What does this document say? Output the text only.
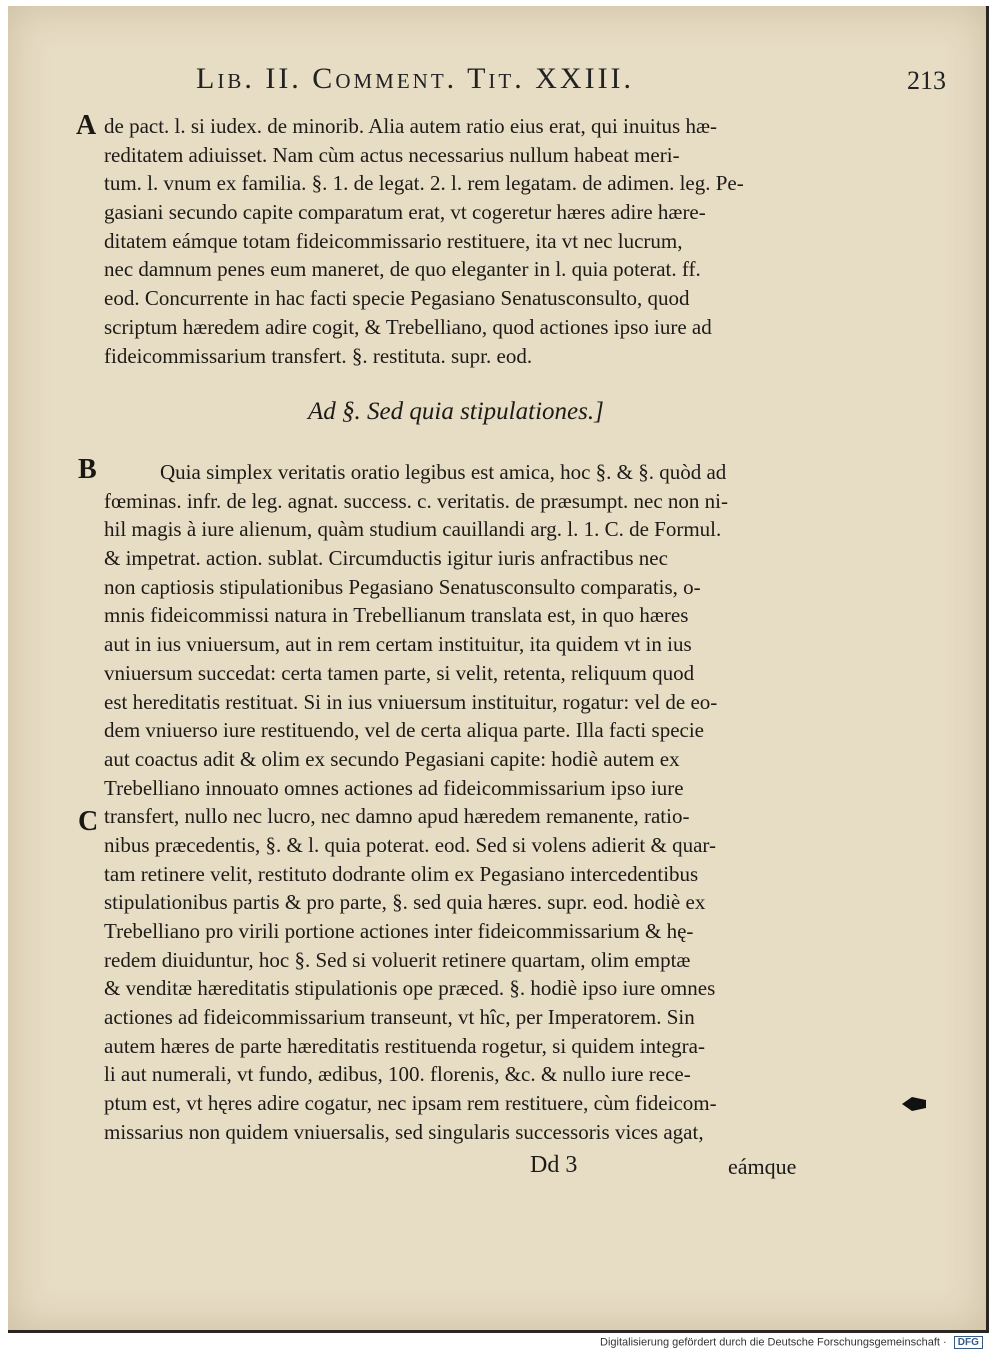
Lib. II. Comment. Tit. XXIII.	213
A de pact. l. si iudex. de minorib. Alia autem ratio eius erat, qui inuitus hæ-
reditatem adiuisset. Nam cùm actus necessarius nullum habeat meri-
tum. l. vnum ex familia. §. 1. de legat. 2. l. rem legatam. de adimen. leg. Pe-
gasiani secundo capite comparatum erat, vt cogeretur hæres adire hære-
ditatem eámque totam fideicommissario restituere, ita vt nec lucrum,
nec damnum penes eum maneret, de quo eleganter in l. quia poterat. ff.
eod. Concurrente in hac facti specie Pegasiano Senatusconsulto, quod
scriptum hæredem adire cogit, & Trebelliano, quod actiones ipso iure ad
fideicommissarium transfert. §. restituta. supr. eod.
Ad §. Sed quia stipulationes.]
B	Quia simplex veritatis oratio legibus est amica, hoc §. & §. quòd ad
fœminas. infr. de leg. agnat. success. c. veritatis. de præsumpt. nec non ni-
hil magis à iure alienum, quàm studium cauillandi arg. l. 1. C. de Formul.
& impetrat. action. sublat. Circumductis igitur iuris anfractibus nec
non captiosis stipulationibus Pegasiano Senatusconsulto comparatis, o-
mnis fideicommissi natura in Trebellianum translata est, in quo hæres
aut in ius vniuersum, aut in rem certam instituitur, ita quidem vt in ius
vniuersum succedat: certa tamen parte, si velit, retenta, reliquum quod
est hereditatis restituat. Si in ius vniuersum instituitur, rogatur: vel de eo-
dem vniuerso iure restituendo, vel de certa aliqua parte. Illa facti specie
aut coactus adit & olim ex secundo Pegasiani capite: hodiè autem ex
Trebelliano innouato omnes actiones ad fideicommissarium ipso iure
transfert, nullo nec lucro, nec damno apud hæredem remanente, ratio-
nibus præcedentis, §. & l. quia poterat. eod. Sed si volens adierit & quar-
tam retinere velit, restituto dodrante olim ex Pegasiano intercedentibus
stipulationibus partis & pro parte, §. sed quia hæres. supr. eod. hodiè ex
Trebelliano pro virili portione actiones inter fideicommissarium & hę-
redem diuiduntur, hoc §. Sed si voluerit retinere quartam, olim emptæ
& venditæ hæreditatis stipulationis ope præced. §. hodiè ipso iure omnes
actiones ad fideicommissarium transeunt, vt hîc, per Imperatorem. Sin
autem hæres de parte hæreditatis restituenda rogetur, si quidem integra-
li aut numerali, vt fundo, ædibus, 100. florenis, &c. & nullo iure rece-
ptum est, vt hęres adire cogatur, nec ipsam rem restituere, cùm fideicom-
missarius non quidem vniuersalis, sed singularis successoris vices agat,
C
Dd 3	eámque
Digitalisierung gefördert durch die Deutsche Forschungsgemeinschaft · DFG
